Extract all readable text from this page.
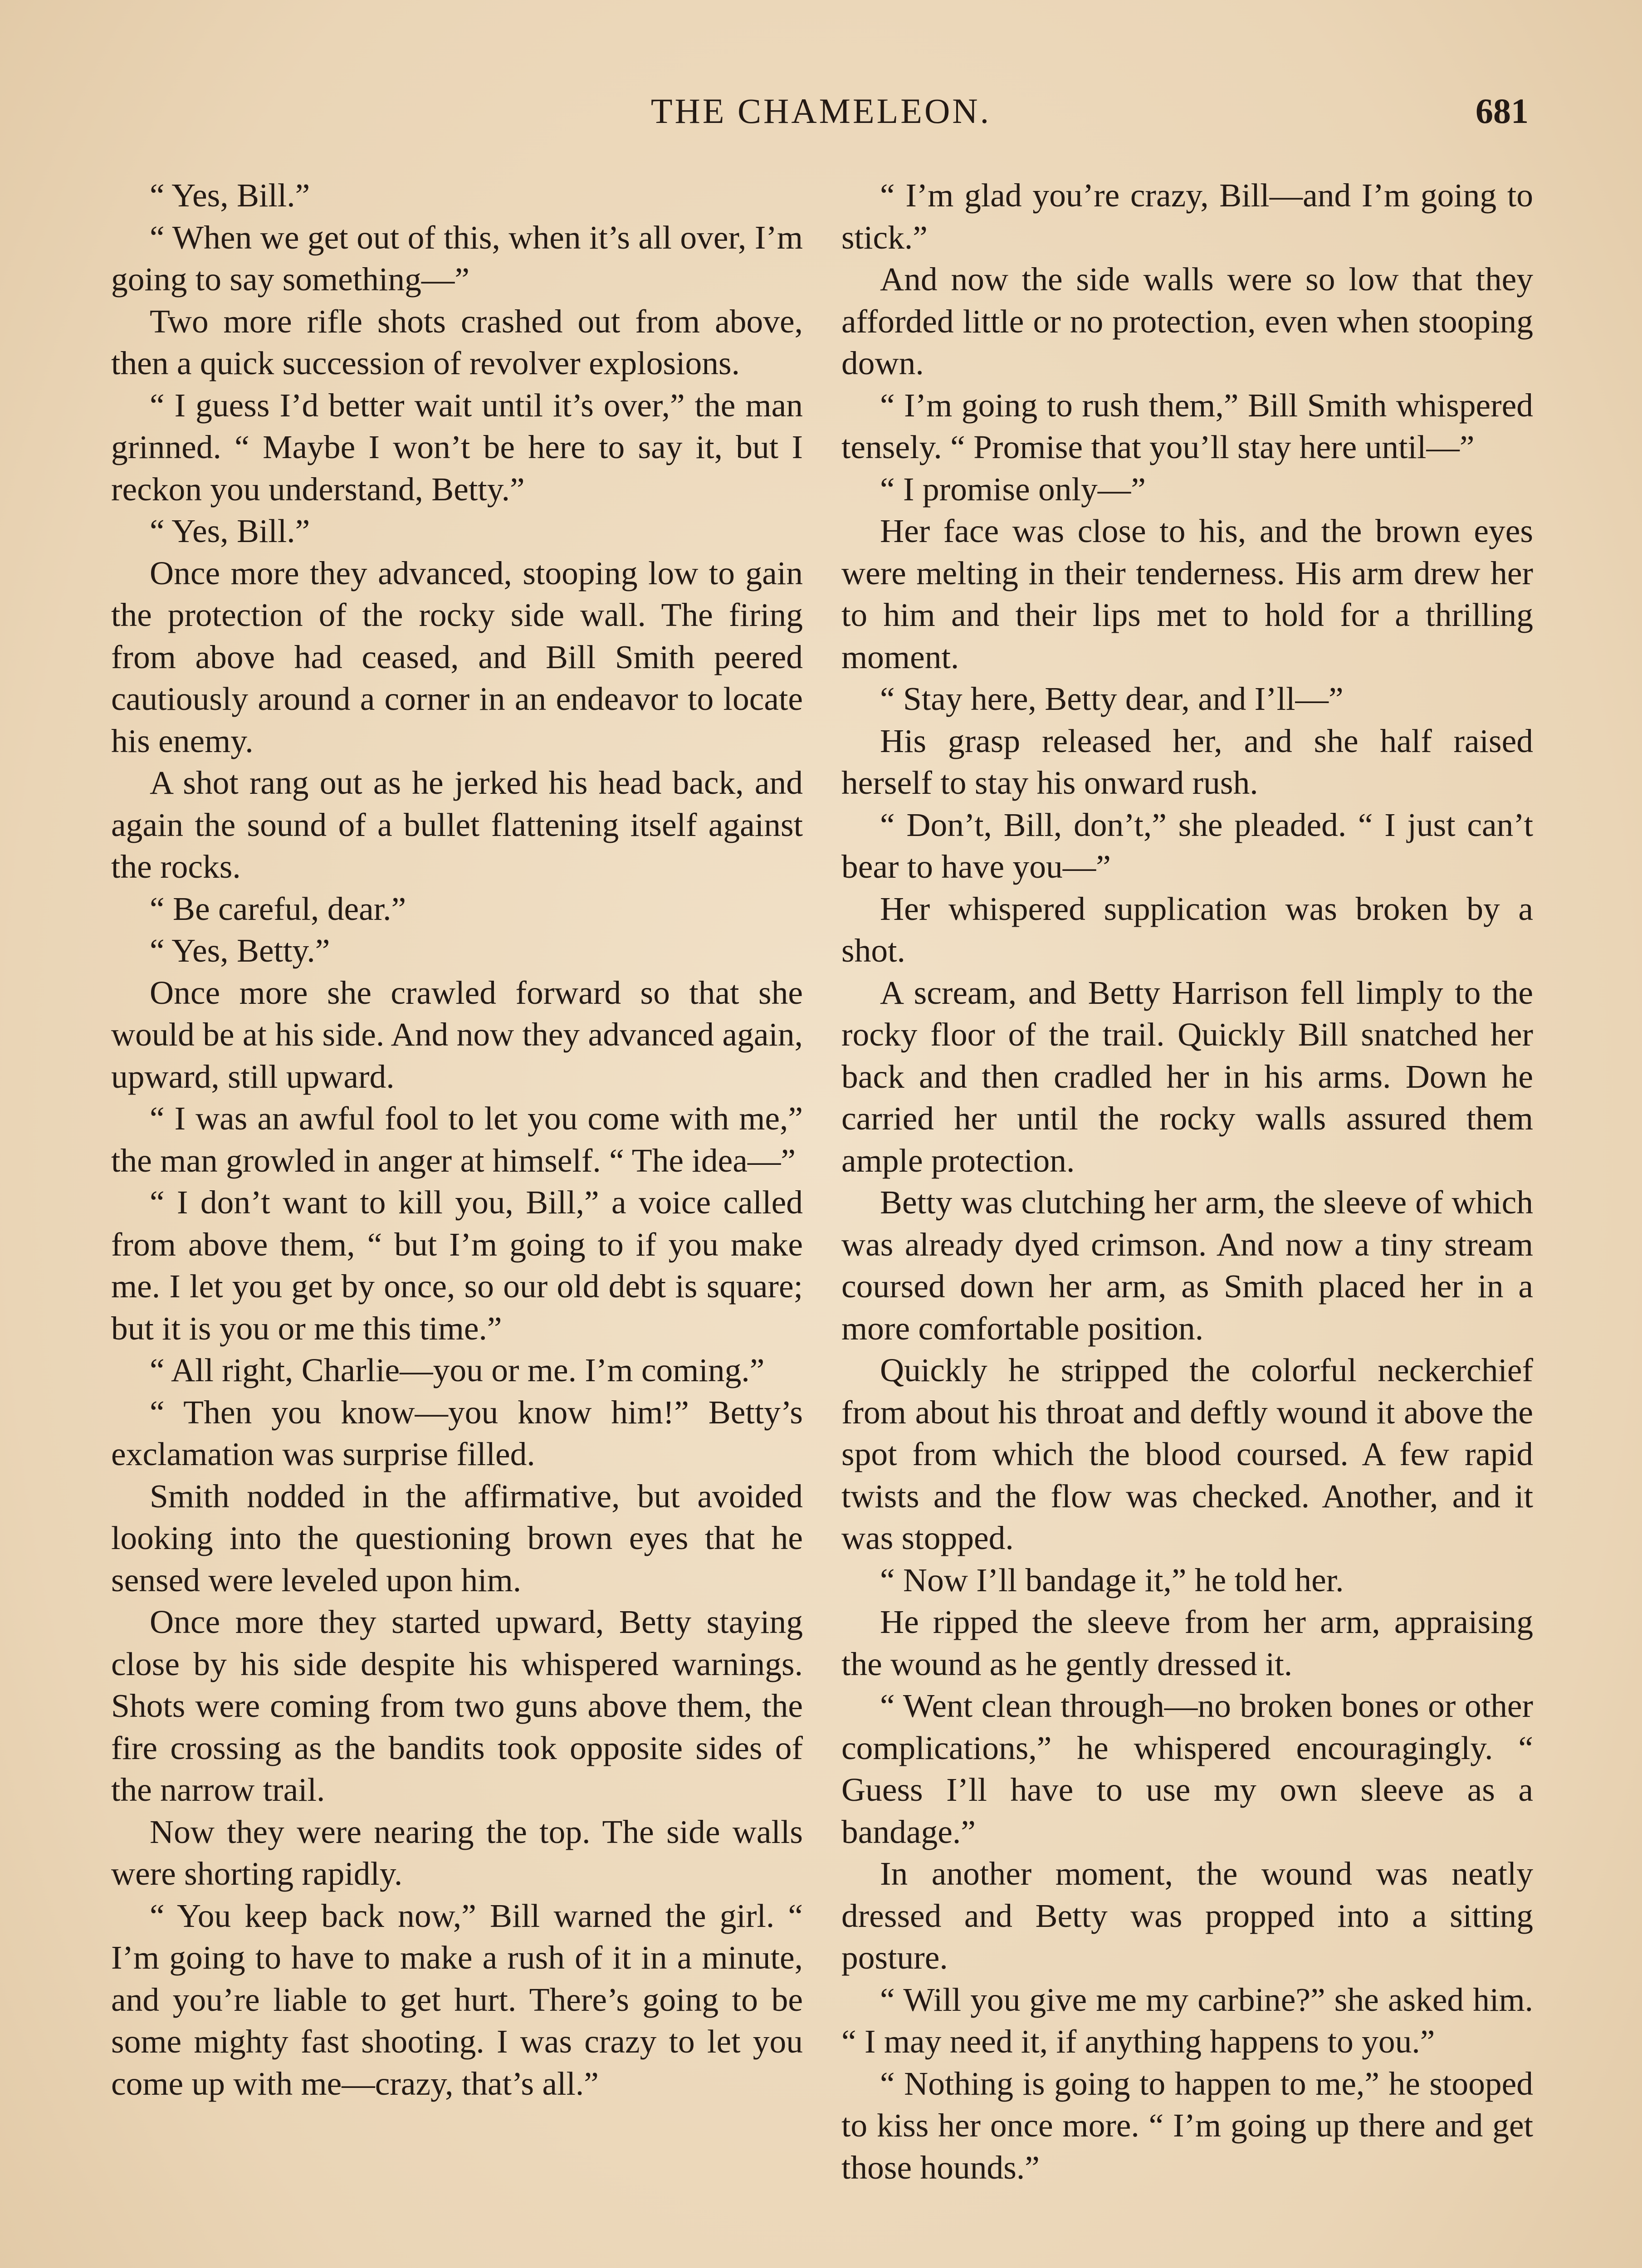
THE CHAMELEON.	681

“ Yes, Bill.”

“ When we get out of this, when it’s all over, I’m going to say something—”

Two more rifle shots crashed out from above, then a quick succession of revolver explosions.

“ I guess I’d better wait until it’s over,” the man grinned. “ Maybe I won’t be here to say it, but I reckon you understand, Betty.”

“ Yes, Bill.”

Once more they advanced, stooping low to gain the protection of the rocky side wall. The firing from above had ceased, and Bill Smith peered cautiously around a corner in an endeavor to locate his enemy.

A shot rang out as he jerked his head back, and again the sound of a bullet flattening itself against the rocks.

“ Be careful, dear.”

“ Yes, Betty.”

Once more she crawled forward so that she would be at his side. And now they advanced again, upward, still upward.

“ I was an awful fool to let you come with me,” the man growled in anger at himself. “ The idea—”

“ I don’t want to kill you, Bill,” a voice called from above them, “ but I’m going to if you make me. I let you get by once, so our old debt is square; but it is you or me this time.”

“ All right, Charlie—you or me. I’m coming.”

“ Then you know—you know him!” Betty’s exclamation was surprise filled.

Smith nodded in the affirmative, but avoided looking into the questioning brown eyes that he sensed were leveled upon him.

Once more they started upward, Betty staying close by his side despite his whispered warnings. Shots were coming from two guns above them, the fire crossing as the bandits took opposite sides of the narrow trail.

Now they were nearing the top. The side walls were shorting rapidly.

“ You keep back now,” Bill warned the girl. “ I’m going to have to make a rush of it in a minute, and you’re liable to get hurt. There’s going to be some mighty fast shooting. I was crazy to let you come up with me—crazy, that’s all.”

“ I’m glad you’re crazy, Bill—and I’m going to stick.”

And now the side walls were so low that they afforded little or no protection, even when stooping down.

“ I’m going to rush them,” Bill Smith whispered tensely. “ Promise that you’ll stay here until—”

“ I promise only—”

Her face was close to his, and the brown eyes were melting in their tenderness. His arm drew her to him and their lips met to hold for a thrilling moment.

“ Stay here, Betty dear, and I’ll—”

His grasp released her, and she half raised herself to stay his onward rush.

“ Don’t, Bill, don’t,” she pleaded. “ I just can’t bear to have you—”

Her whispered supplication was broken by a shot.

A scream, and Betty Harrison fell limply to the rocky floor of the trail. Quickly Bill snatched her back and then cradled her in his arms. Down he carried her until the rocky walls assured them ample protection.

Betty was clutching her arm, the sleeve of which was already dyed crimson. And now a tiny stream coursed down her arm, as Smith placed her in a more comfortable position.

Quickly he stripped the colorful neckerchief from about his throat and deftly wound it above the spot from which the blood coursed. A few rapid twists and the flow was checked. Another, and it was stopped.

“ Now I’ll bandage it,” he told her.

He ripped the sleeve from her arm, appraising the wound as he gently dressed it.

“ Went clean through—no broken bones or other complications,” he whispered encouragingly. “ Guess I’ll have to use my own sleeve as a bandage.”

In another moment, the wound was neatly dressed and Betty was propped into a sitting posture.

“ Will you give me my carbine?” she asked him. “ I may need it, if anything happens to you.”

“ Nothing is going to happen to me,” he stooped to kiss her once more. “ I’m going up there and get those hounds.”
